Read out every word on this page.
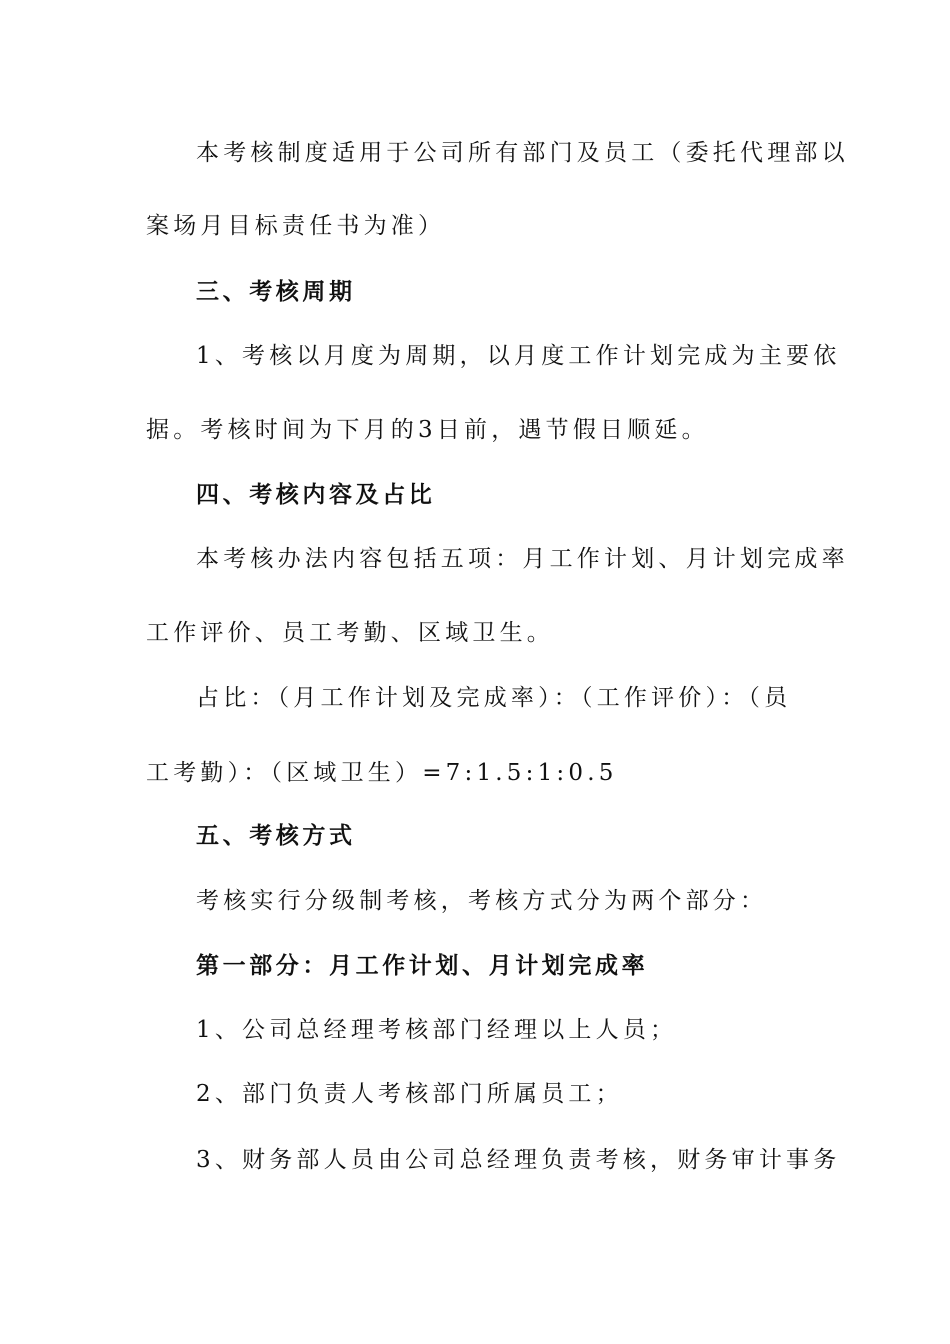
本考核制度适用于公司所有部门及员工（委托代理部以

案场月目标责任书为准）

三、考核周期

1、考核以月度为周期，以月度工作计划完成为主要依

据。考核时间为下月的3日前，遇节假日顺延。

四、考核内容及占比

本考核办法内容包括五项：月工作计划、月计划完成率

工作评价、员工考勤、区域卫生。

占比：（月工作计划及完成率）：（工作评价）：（员

工考勤）：（区域卫生）=7:1.5:1:0.5

五、考核方式

考核实行分级制考核，考核方式分为两个部分：

第一部分：月工作计划、月计划完成率

1、公司总经理考核部门经理以上人员；

2、部门负责人考核部门所属员工；

3、财务部人员由公司总经理负责考核，财务审计事务
